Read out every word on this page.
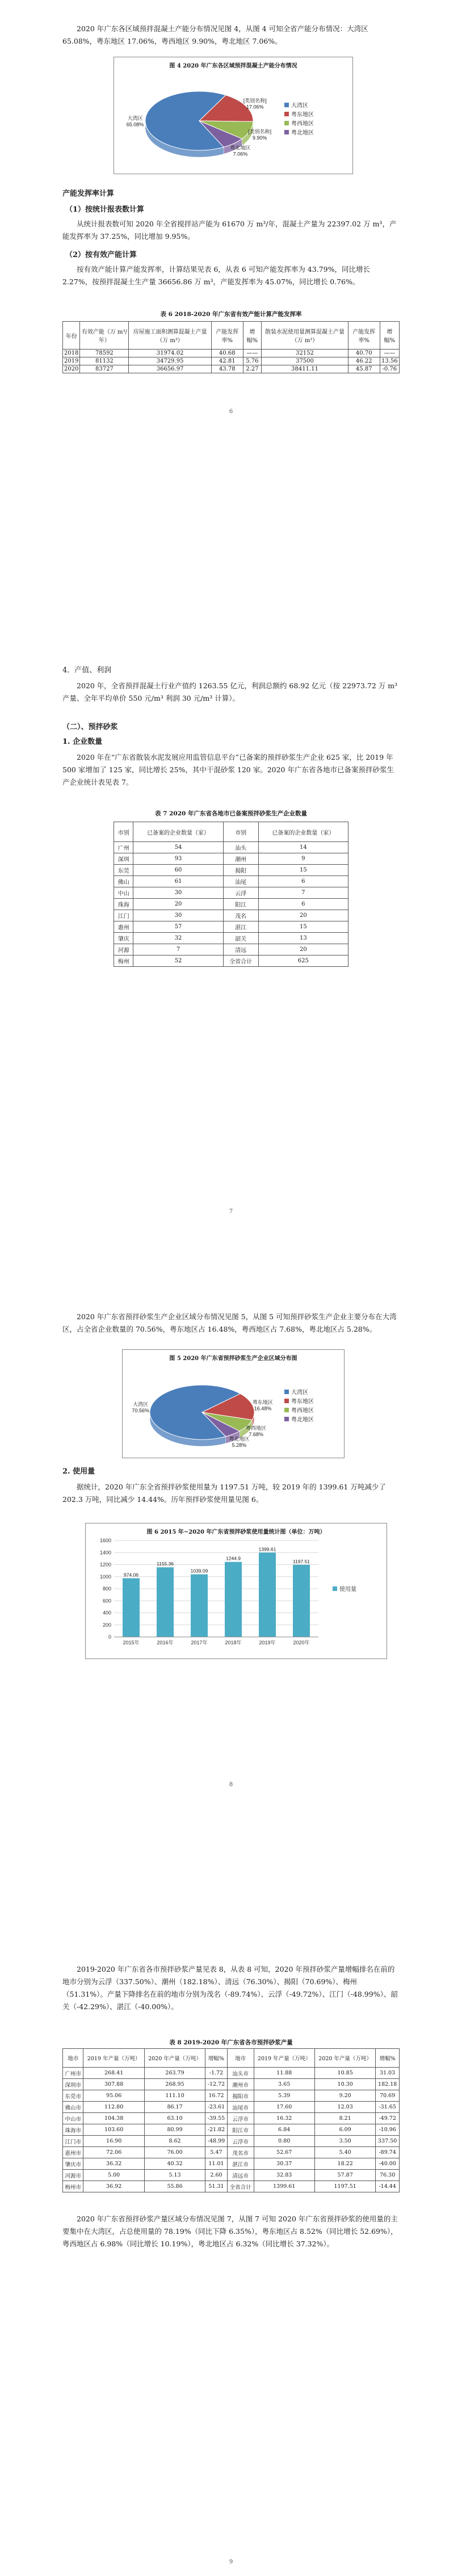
2020 年广东各区域预拌混凝土产能分布情况见图 4，从图 4 可知全省产能分布情况：大湾区 65.08%，粤东地区 17.06%，粤西地区 9.90%，粤北地区 7.06%。

图 4 2020 年广东各区域预拌混凝土产能分布情况
大湾区
65.08%
[类别名称]
17.06%
[类别名称]
9.90%
粤北地区
7.06%
大湾区
粤东地区
粤西地区
粤北地区

产能发挥率计算

（1）按统计报表数计算

从统计报表数可知 2020 年全省搅拌站产能为 61670 万 m³/年，混凝土产量为 22397.02 万 m³，产能发挥率为 37.25%，同比增加 9.95%。

（2）按有效产能计算

按有效产能计算产能发挥率，计算结果见表 6，从表 6 可知产能发挥率为 43.79%，同比增长 2.27%，按预拌混凝土生产量 36656.86 万 m³，产能发挥率为 45.07%，同比增长 0.76%。

表 6 2018-2020 年广东省有效产能计算产能发挥率

年份	有效产能（万 m³/年）	房屋施工面积测算混凝土产量（万 m³）	产能发挥率%	增幅%	散装水泥使用量测算混凝土产量（万 m³）	产能发挥率%	增幅%
2018	78592	31974.02	40.68	——	32152	40.70	——
2019	81132	34729.95	42.81	5.76	37500	46.22	13.56
2020	83727	36656.97	43.78	2.27	38411.11	45.87	-0.76
6

4．产值、利润

2020 年，全省预拌混凝土行业产值约 1263.55 亿元，利润总额约 68.92 亿元（按 22973.72 万 m³ 产量、全年平均单价 550 元/m³ 利润 30 元/m³ 计算）。

（二）、预拌砂浆

1. 企业数量

2020 年在“广东省散装水泥发展应用监管信息平台”已备案的预拌砂浆生产企业 625 家，比 2019 年 500 家增加了 125 家，同比增长 25%，其中干混砂浆 120 家。2020 年广东省各地市已备案预拌砂浆生产企业统计表见表 7。

表 7 2020 年广东省各地市已备案预拌砂浆生产企业数量

市别	已备案的企业数量（家）	市别	已备案的企业数量（家）
广州	54	汕头	14
深圳	93	潮州	9
东莞	60	揭阳	15
佛山	61	汕尾	6
中山	30	云浮	7
珠海	20	阳江	6
江门	30	茂名	20
惠州	57	湛江	15
肇庆	32	韶关	13
河源	7	清远	20
梅州	52	全省合计	625
7

2020 年广东省预拌砂浆生产企业区域分布情况见图 5，从图 5 可知预拌砂浆生产企业主要分布在大湾区，占全省企业数量的 70.56%，粤东地区占 16.48%，粤西地区占 7.68%，粤北地区占 5.28%。

图 5 2020 年广东省预拌砂浆生产企业区域分布图
大湾区
70.56%
粤东地区
16.48%
粤西地区
7.68%
粤北地区
5.28%
大湾区
粤东地区
粤西地区
粤北地区

2. 使用量

据统计，2020 年广东全省预拌砂浆使用量为 1197.51 万吨，较 2019 年的 1399.61 万吨减少了 202.3 万吨，同比减少 14.44%。历年预拌砂浆使用量见图 6。

图 6 2015 年~2020 年广东省预拌砂浆使用量统计图（单位：万吨）
0
200
400
600
800
1000
1200
1400
1600
974.06
2015年
1155.36
2016年
1039.09
2017年
1244.9
2018年
1399.61
2019年
1197.51
2020年
使用量
8

2019-2020 年广东省各市预拌砂浆产量见表 8，从表 8 可知，2020 年预拌砂浆产量增幅排名在前的地市分别为云浮（337.50%）、潮州（182.18%）、清远（76.30%）、揭阳（70.69%）、梅州（51.31%）。产量下降排名在前的地市分别为茂名（-89.74%）、云浮（-49.72%）、江门（-48.99%）、韶关（-42.29%）、湛江（-40.00%）。

表 8 2019-2020 年广东省各市预拌砂浆产量

地市	2019 年产量（万吨）	2020 年产量（万吨）	增幅%	地市	2019 年产量（万吨）	2020 年产量（万吨）	增幅%
广州市	268.41	263.79	-1.72	汕头市	11.88	10.85	31.03
深圳市	307.88	268.95	-12.72	潮州市	3.65	10.30	182.18
东莞市	95.06	111.10	16.72	揭阳市	5.39	9.20	70.69
佛山市	112.80	86.17	-23.61	汕尾市	17.60	12.03	-31.65
中山市	104.38	63.10	-39.55	云浮市	16.32	8.21	-49.72
珠海市	103.60	80.99	-21.82	阳江市	6.84	6.09	-10.96
江门市	16.90	8.62	-48.99	云浮市	0.80	3.50	337.50
惠州市	72.06	76.00	5.47	茂名市	52.67	5.40	-89.74
肇庆市	36.32	40.32	11.01	湛江市	30.37	18.22	-40.00
河源市	5.00	5.13	2.60	清远市	32.83	57.87	76.30
梅州市	36.92	55.86	51.31	全省合计	1399.61	1197.51	-14.44

2020 年广东省预拌砂浆产量区域分布情况见图 7，从图 7 可知 2020 年广东省预拌砂浆的使用量的主要集中在大湾区，占总使用量的 78.19%（同比下降 6.35%），粤东地区占 8.52%（同比增长 52.69%），粤西地区占 6.98%（同比增长 10.19%），粤北地区占 6.32%（同比增长 37.32%）。

9
